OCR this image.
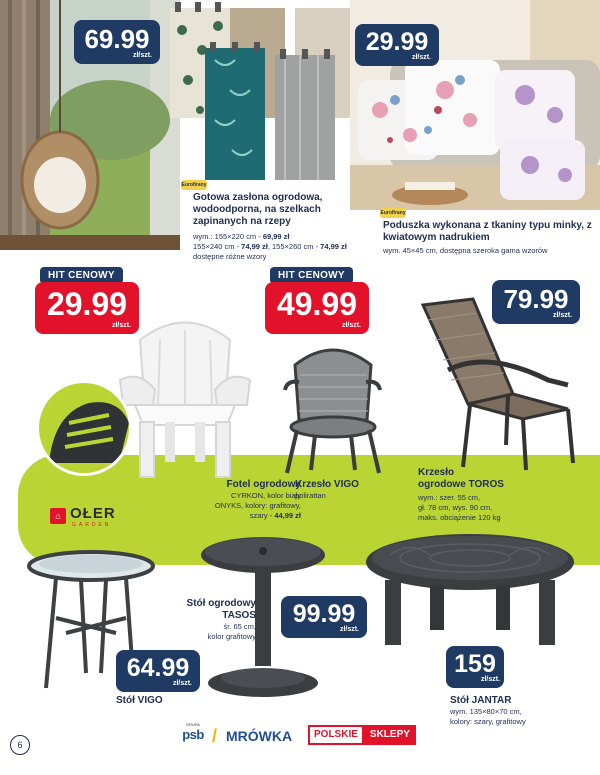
69.99
zł/szt.
Eurofirany
Gotowa zasłona ogrodowa, wodoodporna, na szelkach zapinanych na rzepy
wym.: 155×220 cm - 69,99 zł
155×240 cm - 74,99 zł, 155×260 cm - 74,99 zł
dostępne różne wzory
29.99
zł/szt.
Eurofirany
Poduszka wykonana z tkaniny typu minky, z kwiatowym nadrukiem
wym. 45×45 cm, dostępna szeroka gama wzorów
HIT CENOWY
29.99
zł/szt.
⌂ OŁER
GARDEN
Fotel ogrodowy
CYRKON, kolor biały
ONYKS, kolory: grafitowy,
szary - 44,99 zł
HIT CENOWY
49.99
zł/szt.
Krzesło VIGO
polirattan
79.99
zł/szt.
Krzesło
ogrodowe TOROS
wym.: szer. 55 cm,
gł. 78 cm, wys. 90 cm,
maks. obciążenie 120 kg
64.99
zł/szt.
Stół VIGO
Stół ogrodowy
TASOS
śr. 65 cm,
kolor grafitowy
99.99
zł/szt.
159
zł/szt.
Stół JANTAR
wym. 135×80×70 cm,
kolory: szary, grafitowy
6
GRUPA
psb / MRÓWKA	POLSKIE	SKLEPY
